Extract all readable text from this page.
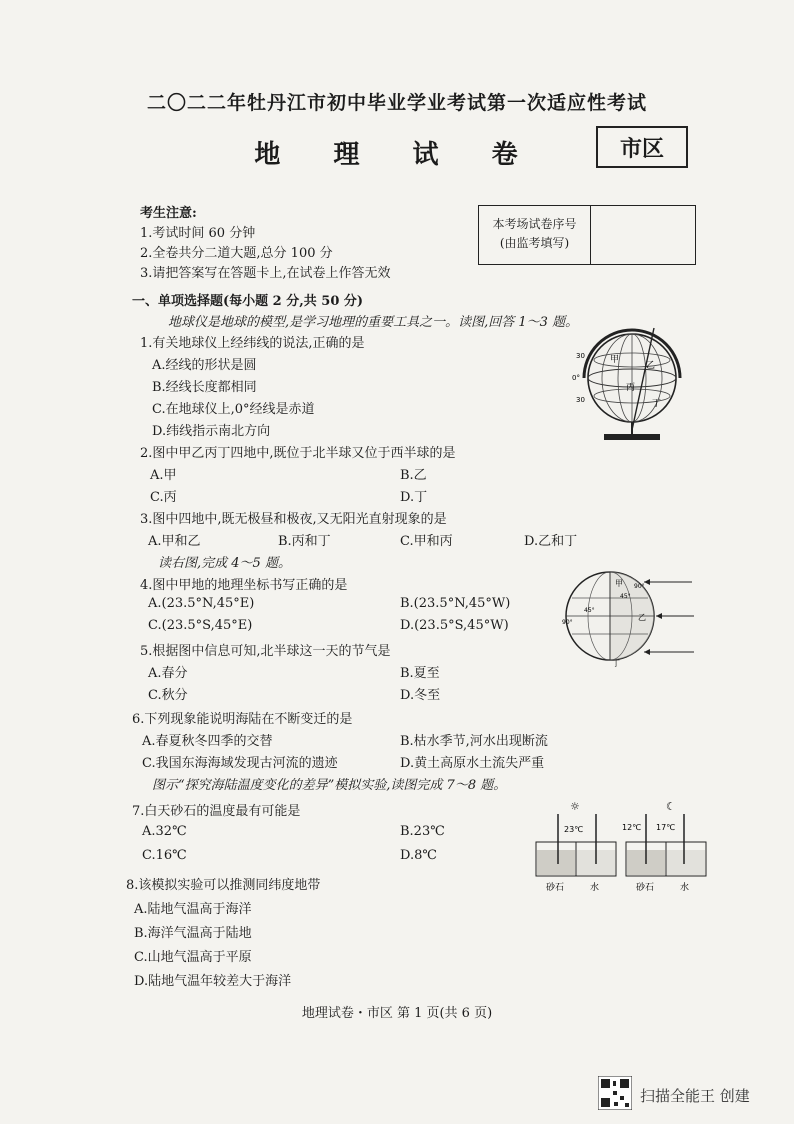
二〇二二年牡丹江市初中毕业学业考试第一次适应性考试
地 理 试 卷	市区
考生注意:
1.考试时间 60 分钟
2.全卷共分二道大题,总分 100 分
3.请把答案写在答题卡上,在试卷上作答无效
本考场试卷序号
(由监考填写)
一、单项选择题(每小题 2 分,共 50 分)
地球仪是地球的模型,是学习地理的重要工具之一。读图,回答 1～3 题。
1.有关地球仪上经纬线的说法,正确的是
A.经线的形状是圆
B.经线长度都相同
C.在地球仪上,0°经线是赤道
D.纬线指示南北方向
2.图中甲乙丙丁四地中,既位于北半球又位于西半球的是
A.甲	B.乙
C.丙	D.丁
3.图中四地中,既无极昼和极夜,又无阳光直射现象的是
A.甲和乙	B.丙和丁	C.甲和丙	D.乙和丁
读右图,完成 4～5 题。
4.图中甲地的地理坐标书写正确的是
A.(23.5°N,45°E)	B.(23.5°N,45°W)
C.(23.5°S,45°E)	D.(23.5°S,45°W)
5.根据图中信息可知,北半球这一天的节气是
A.春分	B.夏至
C.秋分	D.冬至
6.下列现象能说明海陆在不断变迁的是
A.春夏秋冬四季的交替	B.枯水季节,河水出现断流
C.我国东海海域发现古河流的遗迹	D.黄土高原水土流失严重
图示“探究海陆温度变化的差异”模拟实验,读图完成 7～8 题。
7.白天砂石的温度最有可能是
A.32℃	B.23℃
C.16℃	D.8℃
8.该模拟实验可以推测同纬度地带
A.陆地气温高于海洋
B.海洋气温高于陆地
C.山地气温高于平原
D.陆地气温年较差大于海洋
甲
乙
丙
丁
30
0°
30
甲
乙
丁
90°
45°
45°
90°
☼	☾
23℃	12℃ 17℃
砂石	水	砂石	水
地理试卷・市区 第 1 页(共 6 页)
扫描全能王 创建
